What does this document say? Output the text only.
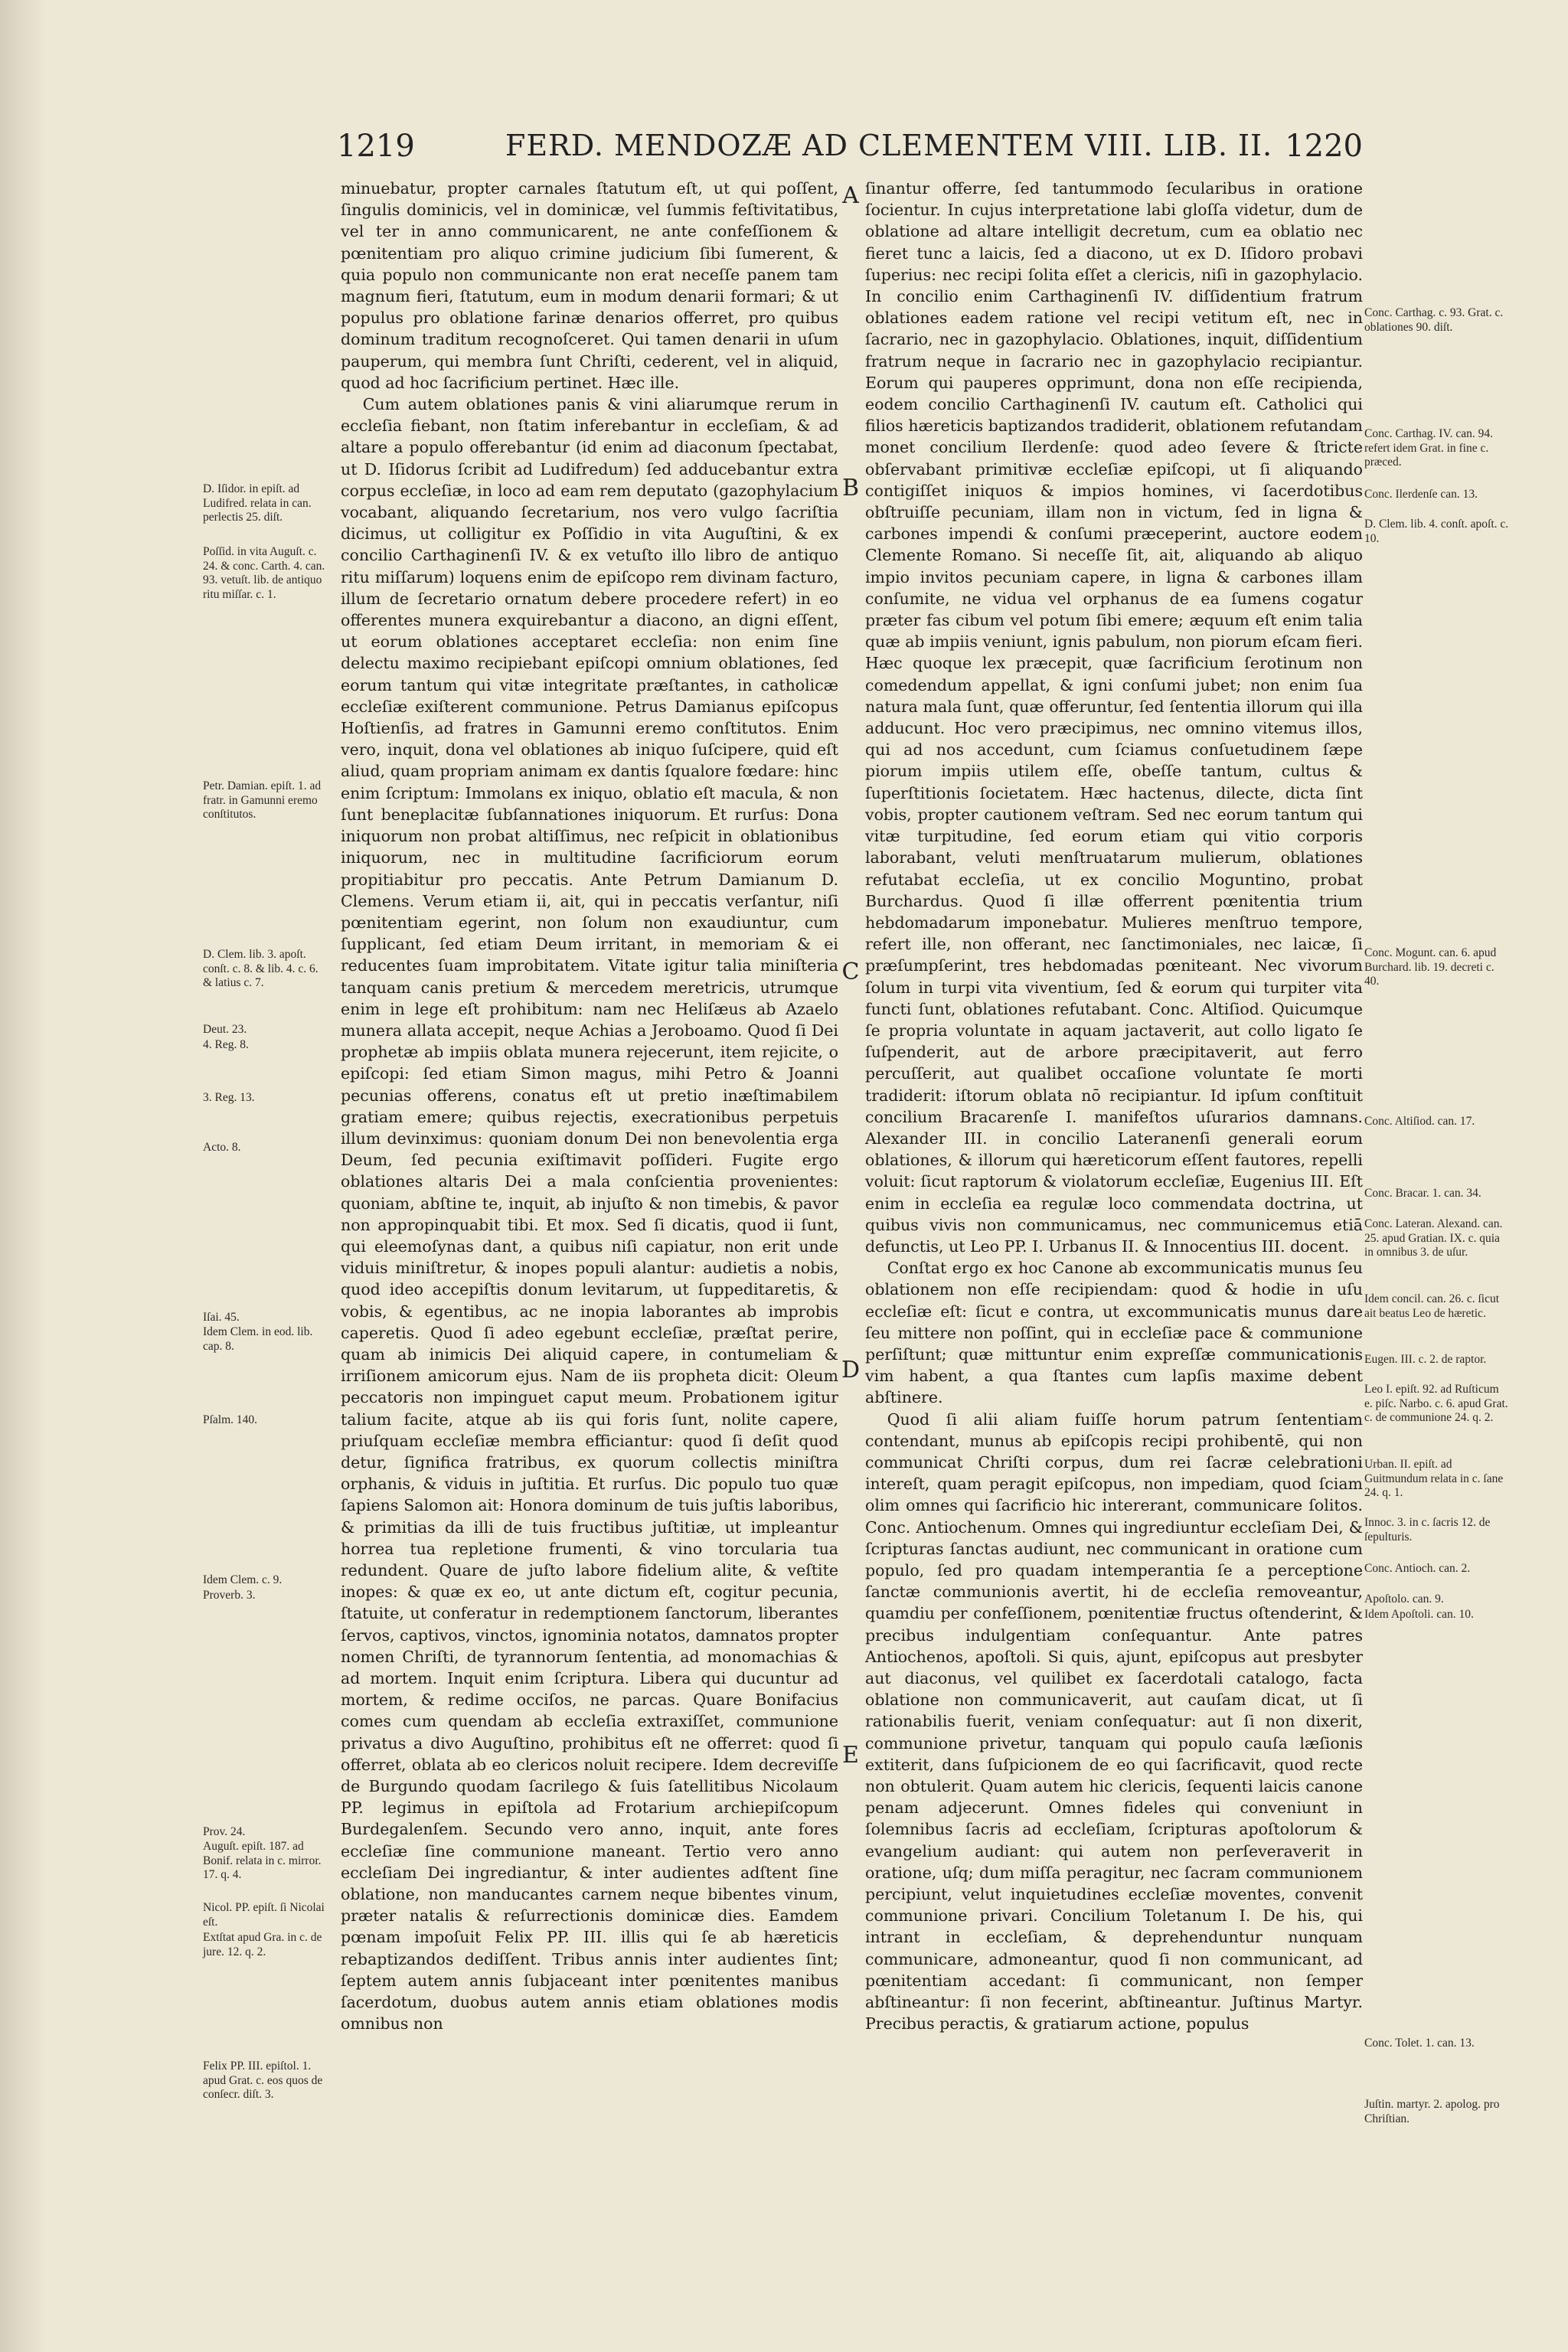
1219	FERD. MENDOZÆ AD CLEMENTEM VIII. LIB. II. 1220

minuebatur, propter carnales ſtatutum eſt, ut qui poſſent, ſingulis dominicis, vel in dominicæ, vel ſummis feſtivitatibus, vel ter in anno communicarent, ne ante confeſſionem & pœnitentiam pro aliquo crimine judicium ſibi ſumerent, & quia populo non communicante non erat neceſſe panem tam magnum fieri, ſtatutum, eum in modum denarii formari; & ut populus pro oblatione farinæ denarios offerret, pro quibus dominum traditum recognoſceret. Qui tamen denarii in uſum pauperum, qui membra ſunt Chriſti, cederent, vel in aliquid, quod ad hoc ſacrificium pertinet. Hæc ille.

Cum autem oblationes panis & vini aliarumque rerum in eccleſia fiebant, non ſtatim inferebantur in eccleſiam, & ad altare a populo offerebantur (id enim ad diaconum ſpectabat, ut D. Iſidorus ſcribit ad Ludifredum) ſed adducebantur extra corpus eccleſiæ, in loco ad eam rem deputato (gazophylacium vocabant, aliquando ſecretarium, nos vero vulgo ſacriſtia dicimus, ut colligitur ex Poſſidio in vita Auguſtini, & ex concilio Carthaginenſi IV. & ex vetuſto illo libro de antiquo ritu miſſarum) loquens enim de epiſcopo rem divinam facturo, illum de ſecretario ornatum debere procedere refert) in eo offerentes munera exquirebantur a diacono, an digni eſſent, ut eorum oblationes acceptaret eccleſia: non enim ſine delectu maximo recipiebant epiſcopi omnium oblationes, ſed eorum tantum qui vitæ integritate præſtantes, in catholicæ eccleſiæ exiſterent communione. Petrus Damianus epiſcopus Hoſtienſis, ad fratres in Gamunni eremo conſtitutos. Enim vero, inquit, dona vel oblationes ab iniquo ſuſcipere, quid eſt aliud, quam propriam animam ex dantis ſqualore fœdare: hinc enim ſcriptum: Immolans ex iniquo, oblatio eſt macula, & non ſunt beneplacitæ ſubſannationes iniquorum. Et rurſus: Dona iniquorum non probat altiſſimus, nec reſpicit in oblationibus iniquorum, nec in multitudine ſacrificiorum eorum propitiabitur pro peccatis. Ante Petrum Damianum D. Clemens. Verum etiam ii, ait, qui in peccatis verſantur, niſi pœnitentiam egerint, non ſolum non exaudiuntur, cum ſupplicant, ſed etiam Deum irritant, in memoriam & ei reducentes ſuam improbitatem. Vitate igitur talia miniſteria tanquam canis pretium & mercedem meretricis, utrumque enim in lege eſt prohibitum: nam nec Heliſæus ab Azaelo munera allata accepit, neque Achias a Jeroboamo. Quod ſi Dei prophetæ ab impiis oblata munera rejecerunt, item rejicite, o epiſcopi: ſed etiam Simon magus, mihi Petro & Joanni pecunias offerens, conatus eſt ut pretio inæſtimabilem gratiam emere; quibus rejectis, execrationibus perpetuis illum devinximus: quoniam donum Dei non benevolentia erga Deum, ſed pecunia exiſtimavit poſſideri. Fugite ergo oblationes altaris Dei a mala conſcientia provenientes: quoniam, abſtine te, inquit, ab injuſto & non timebis, & pavor non appropinquabit tibi. Et mox. Sed ſi dicatis, quod ii ſunt, qui eleemoſynas dant, a quibus niſi capiatur, non erit unde viduis miniſtretur, & inopes populi alantur: audietis a nobis, quod ideo accepiſtis donum levitarum, ut ſuppeditaretis, & vobis, & egentibus, ac ne inopia laborantes ab improbis caperetis. Quod ſi adeo egebunt eccleſiæ, præſtat perire, quam ab inimicis Dei aliquid capere, in contumeliam & irriſionem amicorum ejus. Nam de iis propheta dicit: Oleum peccatoris non impinguet caput meum. Probationem igitur talium facite, atque ab iis qui foris ſunt, nolite capere, priuſquam eccleſiæ membra efficiantur: quod ſi deſit quod detur, ſignifica fratribus, ex quorum collectis miniſtra orphanis, & viduis in juſtitia. Et rurſus. Dic populo tuo quæ ſapiens Salomon ait: Honora dominum de tuis juſtis laboribus, & primitias da illi de tuis fructibus juſtitiæ, ut impleantur horrea tua repletione frumenti, & vino torcularia tua redundent. Quare de juſto labore fidelium alite, & veſtite inopes: & quæ ex eo, ut ante dictum eſt, cogitur pecunia, ſtatuite, ut conferatur in redemptionem ſanctorum, liberantes ſervos, captivos, vinctos, ignominia notatos, damnatos propter nomen Chriſti, de tyrannorum ſententia, ad monomachias & ad mortem. Inquit enim ſcriptura. Libera qui ducuntur ad mortem, & redime occiſos, ne parcas. Quare Bonifacius comes cum quendam ab eccleſia extraxiſſet, communione privatus a divo Auguſtino, prohibitus eſt ne offerret: quod ſi offerret, oblata ab eo clericos noluit recipere. Idem decreviſſe de Burgundo quodam ſacrilego & ſuis ſatellitibus Nicolaum PP. legimus in epiſtola ad Frotarium archiepiſcopum Burdegalenſem. Secundo vero anno, inquit, ante fores eccleſiæ ſine communione maneant. Tertio vero anno eccleſiam Dei ingrediantur, & inter audientes adſtent ſine oblatione, non manducantes carnem neque bibentes vinum, præter natalis & reſurrectionis dominicæ dies. Eamdem pœnam impoſuit Felix PP. III. illis qui ſe ab hæreticis rebaptizandos dediſſent. Tribus annis inter audientes ſint; ſeptem autem annis ſubjaceant inter pœnitentes manibus ſacerdotum, duobus autem annis etiam oblationes modis omnibus non

ſinantur offerre, ſed tantummodo ſecularibus in oratione ſocientur. In cujus interpretatione labi gloſſa videtur, dum de oblatione ad altare intelligit decretum, cum ea oblatio nec fieret tunc a laicis, ſed a diacono, ut ex D. Iſidoro probavi ſuperius: nec recipi ſolita eſſet a clericis, niſi in gazophylacio. In concilio enim Carthaginenſi IV. diſſidentium fratrum oblationes eadem ratione vel recipi vetitum eſt, nec in ſacrario, nec in gazophylacio. Oblationes, inquit, diſſidentium fratrum neque in ſacrario nec in gazophylacio recipiantur. Eorum qui pauperes opprimunt, dona non eſſe recipienda, eodem concilio Carthaginenſi IV. cautum eſt. Catholici qui filios hæreticis baptizandos tradiderit, oblationem refutandam monet concilium Ilerdenſe: quod adeo ſevere & ſtricte obſervabant primitivæ eccleſiæ epiſcopi, ut ſi aliquando contigiſſet iniquos & impios homines, vi ſacerdotibus obſtruiſſe pecuniam, illam non in victum, ſed in ligna & carbones impendi & conſumi præceperint, auctore eodem Clemente Romano. Si neceſſe ſit, ait, aliquando ab aliquo impio invitos pecuniam capere, in ligna & carbones illam conſumite, ne vidua vel orphanus de ea ſumens cogatur præter fas cibum vel potum ſibi emere; æquum eſt enim talia quæ ab impiis veniunt, ignis pabulum, non piorum eſcam fieri. Hæc quoque lex præcepit, quæ ſacrificium ſerotinum non comedendum appellat, & igni conſumi jubet; non enim ſua natura mala ſunt, quæ offeruntur, ſed ſententia illorum qui illa adducunt. Hoc vero præcipimus, nec omnino vitemus illos, qui ad nos accedunt, cum ſciamus conſuetudinem ſæpe piorum impiis utilem eſſe, obeſſe tantum, cultus & ſuperſtitionis ſocietatem. Hæc hactenus, dilecte, dicta ſint vobis, propter cautionem veſtram. Sed nec eorum tantum qui vitæ turpitudine, ſed eorum etiam qui vitio corporis laborabant, veluti menſtruatarum mulierum, oblationes refutabat eccleſia, ut ex concilio Moguntino, probat Burchardus. Quod ſi illæ offerrent pœnitentia trium hebdomadarum imponebatur. Mulieres menſtruo tempore, refert ille, non offerant, nec ſanctimoniales, nec laicæ, ſi præſumpſerint, tres hebdomadas pœniteant. Nec vivorum ſolum in turpi vita viventium, ſed & eorum qui turpiter vita functi ſunt, oblationes refutabant. Conc. Altiſiod. Quicumque ſe propria voluntate in aquam jactaverit, aut collo ligato ſe ſuſpenderit, aut de arbore præcipitaverit, aut ferro percuſſerit, aut qualibet occaſione voluntate ſe morti tradiderit: iſtorum oblata nō recipiantur. Id ipſum conſtituit concilium Bracarenſe I. manifeſtos uſurarios damnans. Alexander III. in concilio Lateranenſi generali eorum oblationes, & illorum qui hæreticorum eſſent fautores, repelli voluit: ſicut raptorum & violatorum eccleſiæ, Eugenius III. Eſt enim in eccleſia ea regulæ loco commendata doctrina, ut quibus vivis non communicamus, nec communicemus etiā defunctis, ut Leo PP. I. Urbanus II. & Innocentius III. docent.

Conſtat ergo ex hoc Canone ab excommunicatis munus ſeu oblationem non eſſe recipiendam: quod & hodie in uſu eccleſiæ eſt: ſicut e contra, ut excommunicatis munus dare ſeu mittere non poſſint, qui in eccleſiæ pace & communione perſiſtunt; quæ mittuntur enim expreſſæ communicationis vim habent, a qua ſtantes cum lapſis maxime debent abſtinere.

Quod ſi alii aliam fuiſſe horum patrum ſententiam contendant, munus ab epiſcopis recipi prohibentē, qui non communicat Chriſti corpus, dum rei ſacræ celebrationi intereſt, quam peragit epiſcopus, non impediam, quod ſciam olim omnes qui ſacrificio hic intererant, communicare ſolitos. Conc. Antiochenum. Omnes qui ingrediuntur eccleſiam Dei, & ſcripturas ſanctas audiunt, nec communicant in oratione cum populo, ſed pro quadam intemperantia ſe a perceptione ſanctæ communionis avertit, hi de eccleſia removeantur, quamdiu per confeſſionem, pœnitentiæ fructus oſtenderint, & precibus indulgentiam conſequantur. Ante patres Antiochenos, apoſtoli. Si quis, ajunt, epiſcopus aut presbyter aut diaconus, vel quilibet ex ſacerdotali catalogo, facta oblatione non communicaverit, aut cauſam dicat, ut ſi rationabilis fuerit, veniam conſequatur: aut ſi non dixerit, communione privetur, tanquam qui populo cauſa læſionis extiterit, dans ſuſpicionem de eo qui ſacrificavit, quod recte non obtulerit. Quam autem hic clericis, ſequenti laicis canone penam adjecerunt. Omnes fideles qui conveniunt in ſolemnibus ſacris ad eccleſiam, ſcripturas apoſtolorum & evangelium audiant: qui autem non perſeveraverit in oratione, uſq; dum miſſa peragitur, nec ſacram communionem percipiunt, velut inquietudines eccleſiæ moventes, convenit communione privari. Concilium Toletanum I. De his, qui intrant in eccleſiam, & deprehenduntur nunquam communicare, admoneantur, quod ſi non communicant, ad pœnitentiam accedant: ſi communicant, non ſemper abſtineantur: ſi non fecerint, abſtineantur. Juſtinus Martyr. Precibus peractis, & gratiarum actione, populus

D. Iſidor. in epiſt. ad Ludifred. relata in can. perlectis 25. diſt.
Poſſid. in vita Auguſt. c. 24. & conc. Carth. 4. can. 93. vetuſt. lib. de antiquo ritu miſſar. c. 1.
Petr. Damian. epiſt. 1. ad fratr. in Gamunni eremo conſtitutos.
D. Clem. lib. 3. apoſt. conſt. c. 8. & lib. 4. c. 6. & latius c. 7.
Deut. 23.
4. Reg. 8.
3. Reg. 13.
Acto. 8.
Iſai. 45.
Idem Clem. in eod. lib. cap. 8.
Pſalm. 140.
Idem Clem. c. 9.
Proverb. 3.
Prov. 24.
Auguſt. epiſt. 187. ad Bonif. relata in c. mirror. 17. q. 4.
Nicol. PP. epiſt. ſi Nicolai eſt.
Extſtat apud Gra. in c. de jure. 12. q. 2.
Felix PP. III. epiſtol. 1. apud Grat. c. eos quos de conſecr. diſt. 3.
Conc. Carthag. c. 93. Grat. c. oblationes 90. diſt.
Conc. Carthag. IV. can. 94. refert idem Grat. in fine c. præced.
Conc. Ilerdenſe can. 13.
D. Clem. lib. 4. conſt. apoſt. c. 10.
Conc. Mogunt. can. 6. apud Burchard. lib. 19. decreti c. 40.
Conc. Altiſiod. can. 17.
Conc. Bracar. 1. can. 34.
Conc. Lateran. Alexand. can. 25. apud Gratian. IX. c. quia in omnibus 3. de uſur.
Idem concil. can. 26. c. ſicut ait beatus Leo de hæretic.
Eugen. III. c. 2. de raptor.
Leo I. epiſt. 92. ad Ruſticum e. piſc. Narbo. c. 6. apud Grat. c. de communione 24. q. 2.
Urban. II. epiſt. ad Guitmundum relata in c. ſane 24. q. 1.
Innoc. 3. in c. ſacris 12. de ſepulturis.
Conc. Antioch. can. 2.
Apoſtolo. can. 9.
Idem Apoſtoli. can. 10.
Conc. Tolet. 1. can. 13.
Juſtin. martyr. 2. apolog. pro Chriſtian.
A
B
C
D
E
